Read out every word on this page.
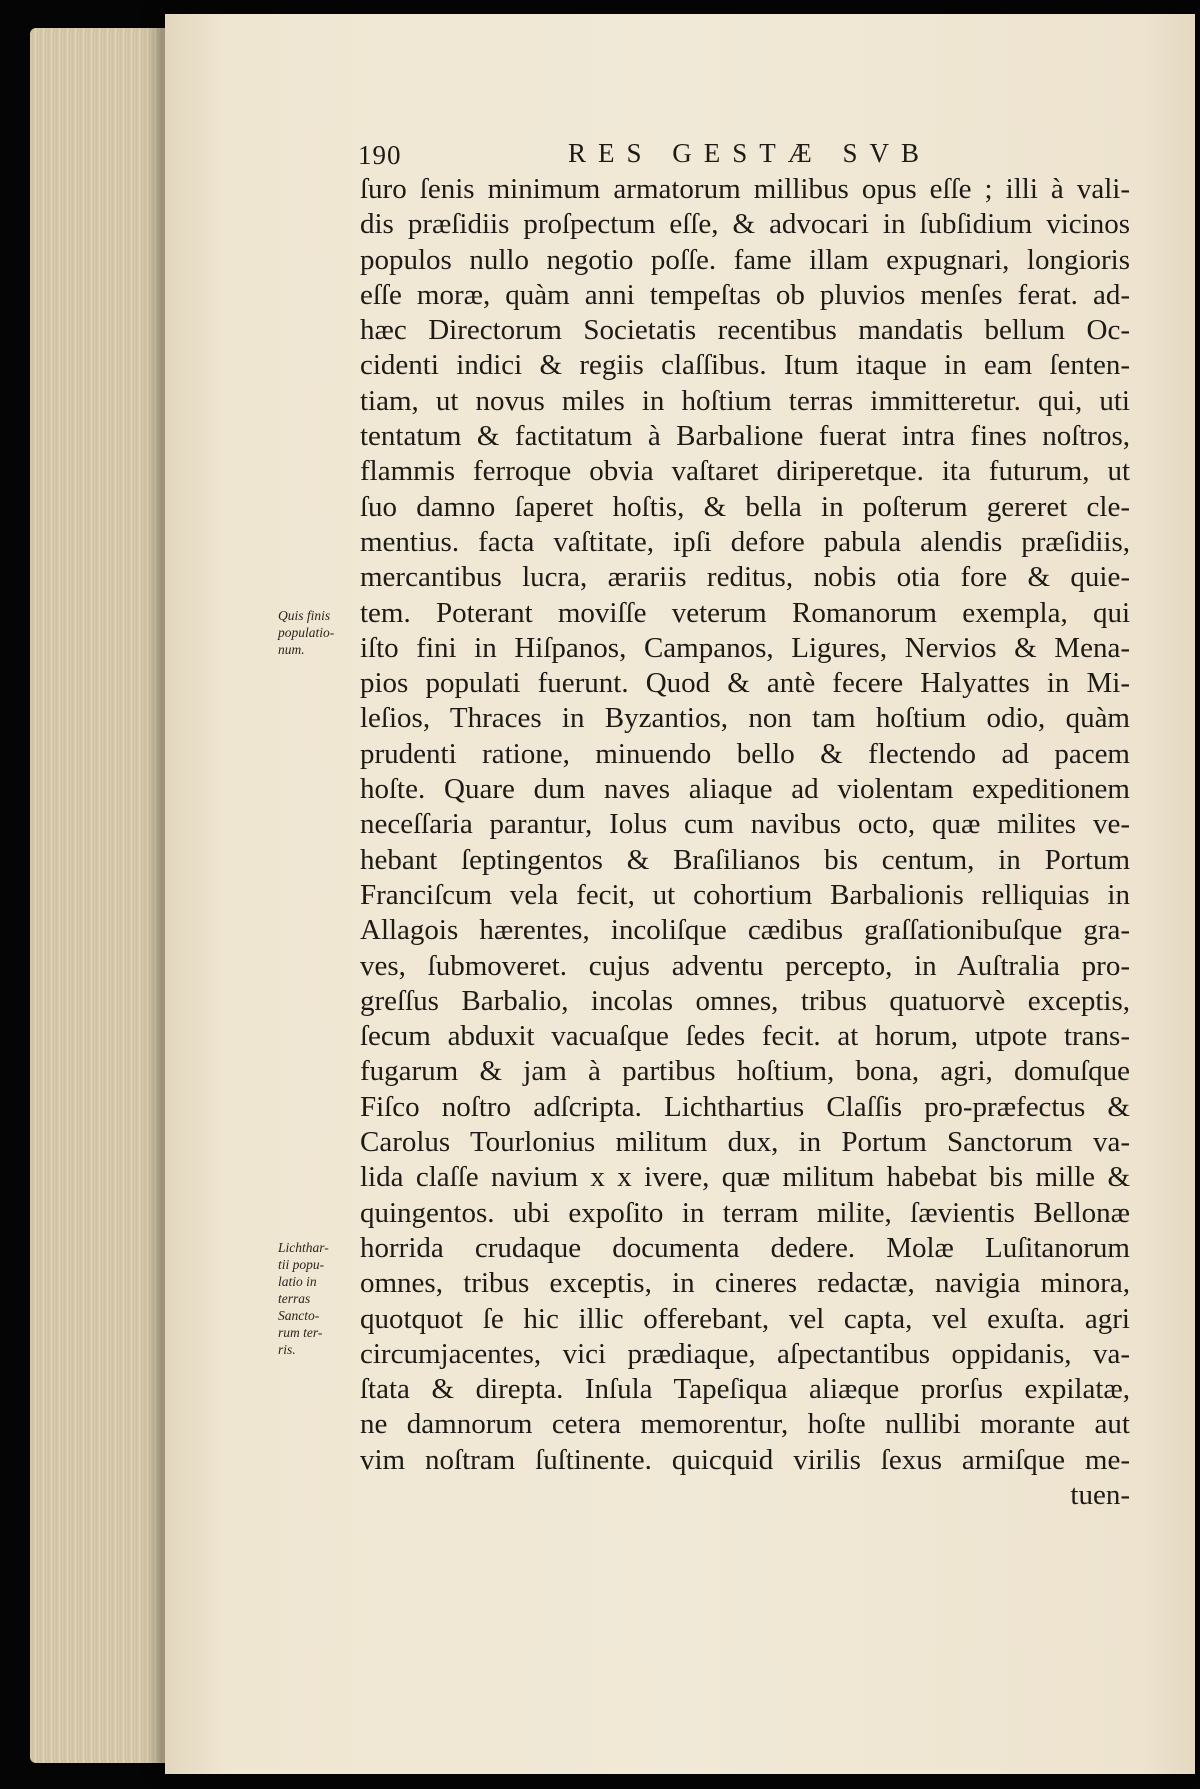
190	RES GESTÆ SVB
ſuro ſenis minimum armatorum millibus opus eſſe ; illi à vali-
dis præſidiis proſpectum eſſe, & advocari in ſubſidium vicinos
populos nullo negotio poſſe. fame illam expugnari, longioris
eſſe moræ, quàm anni tempeſtas ob pluvios menſes ferat. ad-
hæc Directorum Societatis recentibus mandatis bellum Oc-
cidenti indici & regiis claſſibus. Itum itaque in eam ſenten-
tiam, ut novus miles in hoſtium terras immitteretur. qui, uti
tentatum & factitatum à Barbalione fuerat intra fines noſtros,
flammis ferroque obvia vaſtaret diriperetque. ita futurum, ut
ſuo damno ſaperet hoſtis, & bella in poſterum gereret cle-
mentius. facta vaſtitate, ipſi defore pabula alendis præſidiis,
mercantibus lucra, ærariis reditus, nobis otia fore & quie-
tem. Poterant moviſſe veterum Romanorum exempla, qui
iſto fini in Hiſpanos, Campanos, Ligures, Nervios & Mena-
pios populati fuerunt. Quod & antè fecere Halyattes in Mi-
leſios, Thraces in Byzantios, non tam hoſtium odio, quàm
prudenti ratione, minuendo bello & flectendo ad pacem
hoſte. Quare dum naves aliaque ad violentam expeditionem
neceſſaria parantur, Iolus cum navibus octo, quæ milites ve-
hebant ſeptingentos & Braſilianos bis centum, in Portum
Franciſcum vela fecit, ut cohortium Barbalionis relliquias in
Allagois hærentes, incoliſque cædibus graſſationibuſque gra-
ves, ſubmoveret. cujus adventu percepto, in Auſtralia pro-
greſſus Barbalio, incolas omnes, tribus quatuorvè exceptis,
ſecum abduxit vacuaſque ſedes fecit. at horum, utpote trans-
fugarum & jam à partibus hoſtium, bona, agri, domuſque
Fiſco noſtro adſcripta. Lichthartius Claſſis pro-præfectus &
Carolus Tourlonius militum dux, in Portum Sanctorum va-
lida claſſe navium x x ivere, quæ militum habebat bis mille &
quingentos. ubi expoſito in terram milite, ſævientis Bellonæ
horrida crudaque documenta dedere. Molæ Luſitanorum
omnes, tribus exceptis, in cineres redactæ, navigia minora,
quotquot ſe hic illic offerebant, vel capta, vel exuſta. agri
circumjacentes, vici prædiaque, aſpectantibus oppidanis, va-
ſtata & direpta. Inſula Tapeſiqua aliæque prorſus expilatæ,
ne damnorum cetera memorentur, hoſte nullibi morante aut
vim noſtram ſuſtinente. quicquid virilis ſexus armiſque me-
tuen-
Quis finis
populatio-
num.
Lichthar-
tii popu-
latio in
terras
Sancto-
rum ter-
ris.
